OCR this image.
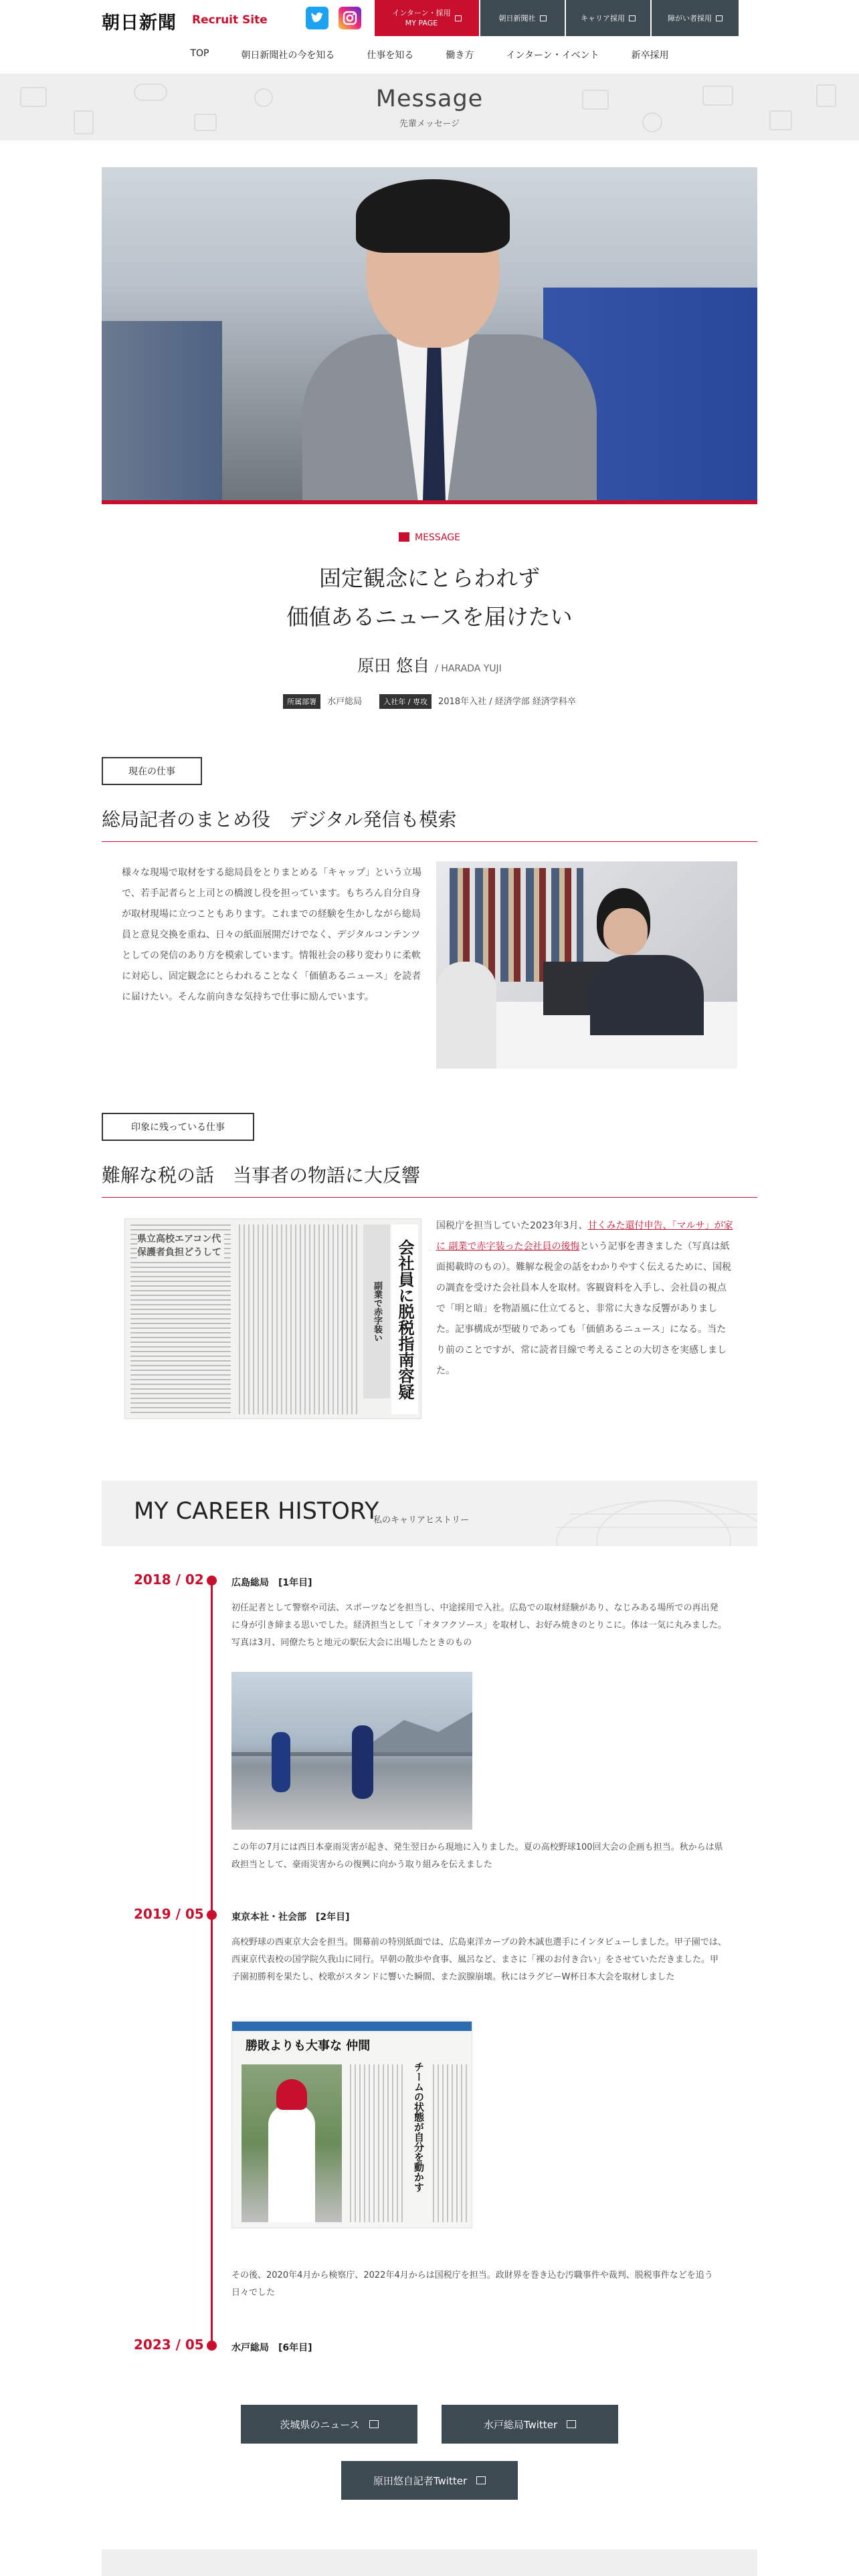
朝日新聞 Recruit Site
インターン・採用
MY PAGE
朝日新聞社	キャリア採用	障がい者採用
TOP	朝日新聞社の今を知る	仕事を知る	働き方	インターン・イベント	新卒採用
Message
先輩メッセージ
MESSAGE
固定観念にとらわれず
価値あるニュースを届けたい
原田 悠自 / HARADA YUJI
所属部署 水戸総局	入社年 / 専攻 2018年入社 / 経済学部 経済学科卒
現在の仕事
総局記者のまとめ役　デジタル発信も模索
様々な現場で取材をする総局員をとりまとめる「キャップ」という立場で、若手記者らと上司との橋渡し役を担っています。もちろん自分自身が取材現場に立つこともあります。これまでの経験を生かしながら総局員と意見交換を重ね、日々の紙面展開だけでなく、デジタルコンテンツとしての発信のあり方を模索しています。情報社会の移り変わりに柔軟に対応し、固定観念にとらわれることなく「価値あるニュース」を読者に届けたい。そんな前向きな気持ちで仕事に励んでいます。
印象に残っている仕事
難解な税の話　当事者の物語に大反響
県立高校エアコン代 保護者負担どうして
副業で赤字装い 会社員に脱税指南容疑
国税庁を担当していた2023年3月、甘くみた還付申告、「マルサ」が家に 副業で赤字装った会社員の後悔という記事を書きました（写真は紙面掲載時のもの）。難解な税金の話をわかりやすく伝えるために、国税の調査を受けた会社員本人を取材。客観資料を入手し、会社員の視点で「明と暗」を物語風に仕立てると、非常に大きな反響がありました。記事構成が型破りであっても「価値あるニュース」になる。当たり前のことですが、常に読者目線で考えることの大切さを実感しました。
MY CAREER HISTORY
私のキャリアヒストリー
2018 / 02	広島総局　[1年目]
初任記者として警察や司法、スポーツなどを担当し、中途採用で入社。広島での取材経験があり、なじみある場所での再出発に身が引き締まる思いでした。経済担当として「オタフクソース」を取材し、お好み焼きのとりこに。体は一気に丸みました。写真は3月、同僚たちと地元の駅伝大会に出場したときのもの
この年の7月には西日本豪雨災害が起き、発生翌日から現地に入りました。夏の高校野球100回大会の企画も担当。秋からは県政担当として、豪雨災害からの復興に向かう取り組みを伝えました
2019 / 05	東京本社・社会部　[2年目]
高校野球の西東京大会を担当。開幕前の特別紙面では、広島東洋カープの鈴木誠也選手にインタビューしました。甲子園では、西東京代表校の国学院久我山に同行。早朝の散歩や食事、風呂など、まさに「裸のお付き合い」をさせていただきました。甲子園初勝利を果たし、校歌がスタンドに響いた瞬間、また涙腺崩壊。秋にはラグビーW杯日本大会を取材しました
勝敗よりも大事な 仲間
チームの状態が自分を動かす
その後、2020年4月から検察庁、2022年4月からは国税庁を担当。政財界を巻き込む汚職事件や裁判、脱税事件などを追う日々でした
2023 / 05	水戸総局　[6年目]
茨城県のニュース	水戸総局Twitter
原田悠自記者Twitter
